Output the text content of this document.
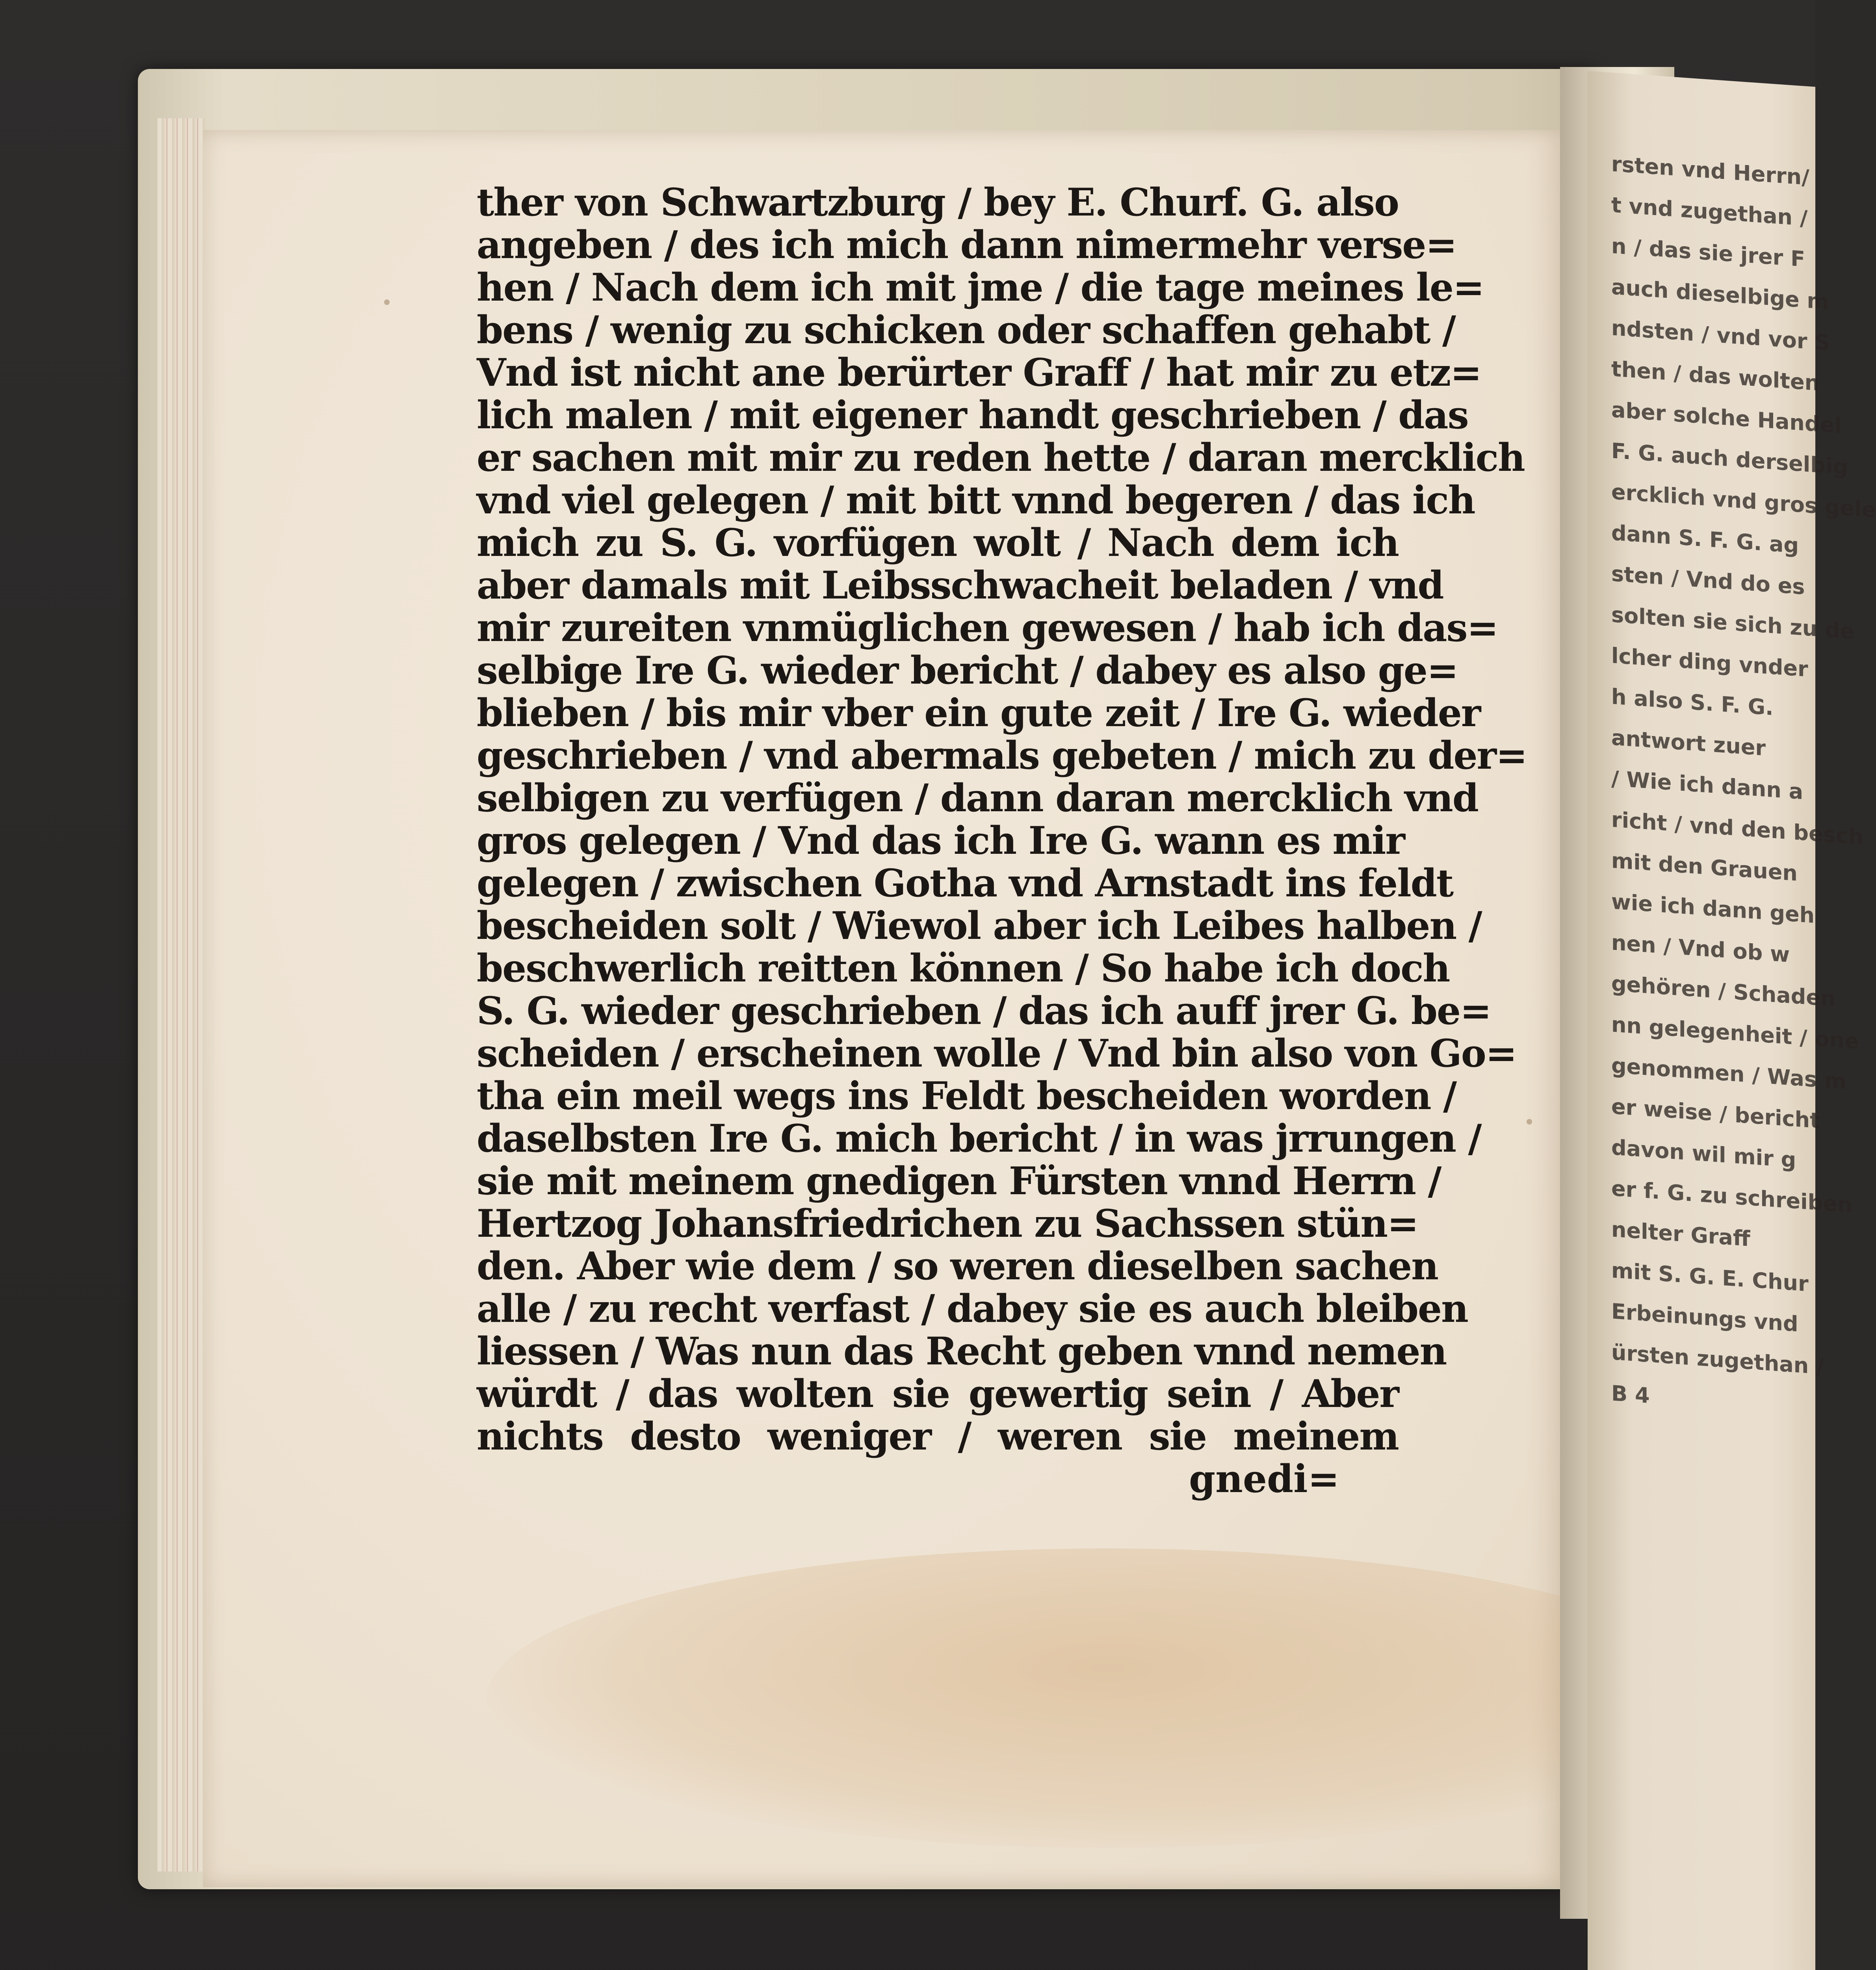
ther von Schwartzburg / bey E. Churf. G. also
angeben / des ich mich dann nimermehr verse=
hen / Nach dem ich mit jme / die tage meines le=
bens / wenig zu schicken oder schaffen gehabt /
Vnd ist nicht ane berürter Graff / hat mir zu etz=
lich malen / mit eigener handt geschrieben / das
er sachen mit mir zu reden hette / daran mercklich
vnd viel gelegen / mit bitt vnnd begeren / das ich
mich zu S. G. vorfügen wolt / Nach dem ich
aber damals mit Leibsschwacheit beladen / vnd
mir zureiten vnmüglichen gewesen / hab ich das=
selbige Ire G. wieder bericht / dabey es also ge=
blieben / bis mir vber ein gute zeit / Ire G. wieder
geschrieben / vnd abermals gebeten / mich zu der=
selbigen zu verfügen / dann daran mercklich vnd
gros gelegen / Vnd das ich Ire G. wann es mir
gelegen / zwischen Gotha vnd Arnstadt ins feldt
bescheiden solt / Wiewol aber ich Leibes halben /
beschwerlich reitten können / So habe ich doch
S. G. wieder geschrieben / das ich auff jrer G. be=
scheiden / erscheinen wolle / Vnd bin also von Go=
tha ein meil wegs ins Feldt bescheiden worden /
daselbsten Ire G. mich bericht / in was jrrungen /
sie mit meinem gnedigen Fürsten vnnd Herrn /
Hertzog Johansfriedrichen zu Sachssen stün=
den. Aber wie dem / so weren dieselben sachen
alle / zu recht verfast / dabey sie es auch bleiben
liessen / Was nun das Recht geben vnnd nemen
würdt / das wolten sie gewertig sein / Aber
nichts desto weniger / weren sie meinem
gnedi=
rsten vnd Herrn/
t vnd zugethan /
n / das sie jrer F
auch dieselbige m
ndsten / vnd vor S
then / das wolten
aber solche Handel
F. G. auch derselbig
ercklich vnd gros gele
dann S. F. G. ag
sten / Vnd do es
solten sie sich zu de
lcher ding vnder
h also S. F. G.
antwort zuer
/ Wie ich dann a
richt / vnd den besch
mit den Grauen
wie ich dann geh
nen / Vnd ob w
gehören / Schaden
nn gelegenheit / one
genommen / Was m
er weise / bericht
davon wil mir g
er f. G. zu schreiben
nelter Graff
mit S. G. E. Chur
Erbeinungs vnd
ürsten zugethan /
B 4
